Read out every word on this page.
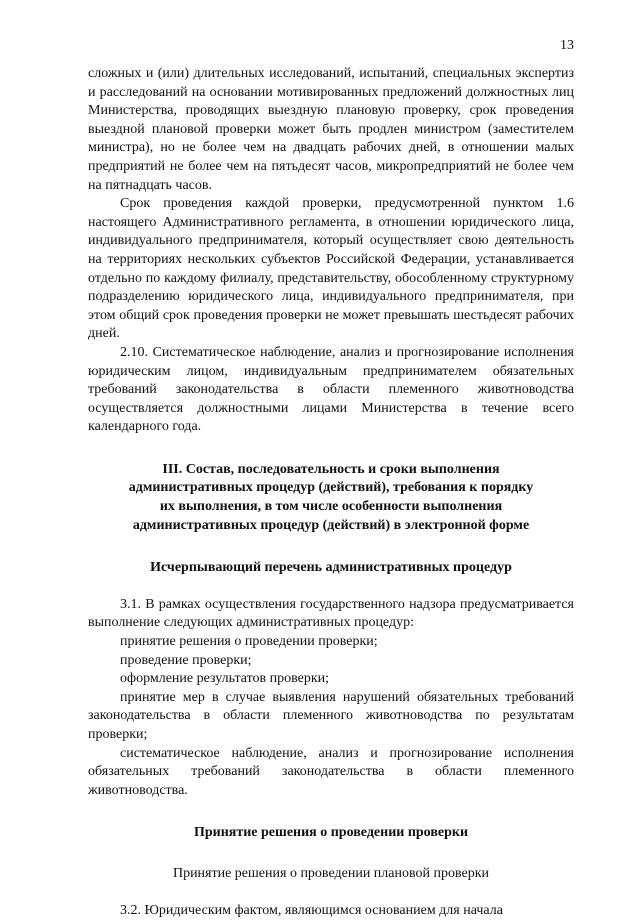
13

сложных и (или) длительных исследований, испытаний, специальных экспертиз и расследований на основании мотивированных предложений должностных лиц Министерства, проводящих выездную плановую проверку, срок проведения выездной плановой проверки может быть продлен министром (заместителем министра), но не более чем на двадцать рабочих дней, в отношении малых предприятий не более чем на пятьдесят часов, микропредприятий не более чем на пятнадцать часов.

Срок проведения каждой проверки, предусмотренной пунктом 1.6 настоящего Административного регламента, в отношении юридического лица, индивидуального предпринимателя, который осуществляет свою деятельность на территориях нескольких субъектов Российской Федерации, устанавливается отдельно по каждому филиалу, представительству, обособленному структурному подразделению юридического лица, индивидуального предпринимателя, при этом общий срок проведения проверки не может превышать шестьдесят рабочих дней.

2.10. Систематическое наблюдение, анализ и прогнозирование исполнения юридическим лицом, индивидуальным предпринимателем обязательных требований законодательства в области племенного животноводства осуществляется должностными лицами Министерства в течение всего календарного года.

III. Состав, последовательность и сроки выполнения
административных процедур (действий), требования к порядку
их выполнения, в том числе особенности выполнения
административных процедур (действий) в электронной форме
Исчерпывающий перечень административных процедур

3.1. В рамках осуществления государственного надзора предусматривается выполнение следующих административных процедур:

принятие решения о проведении проверки;

проведение проверки;

оформление результатов проверки;

принятие мер в случае выявления нарушений обязательных требований законодательства в области племенного животноводства по результатам проверки;

систематическое наблюдение, анализ и прогнозирование исполнения обязательных требований законодательства в области племенного животноводства.

Принятие решения о проведении проверки
Принятие решения о проведении плановой проверки

3.2. Юридическим фактом, являющимся основанием для начала
